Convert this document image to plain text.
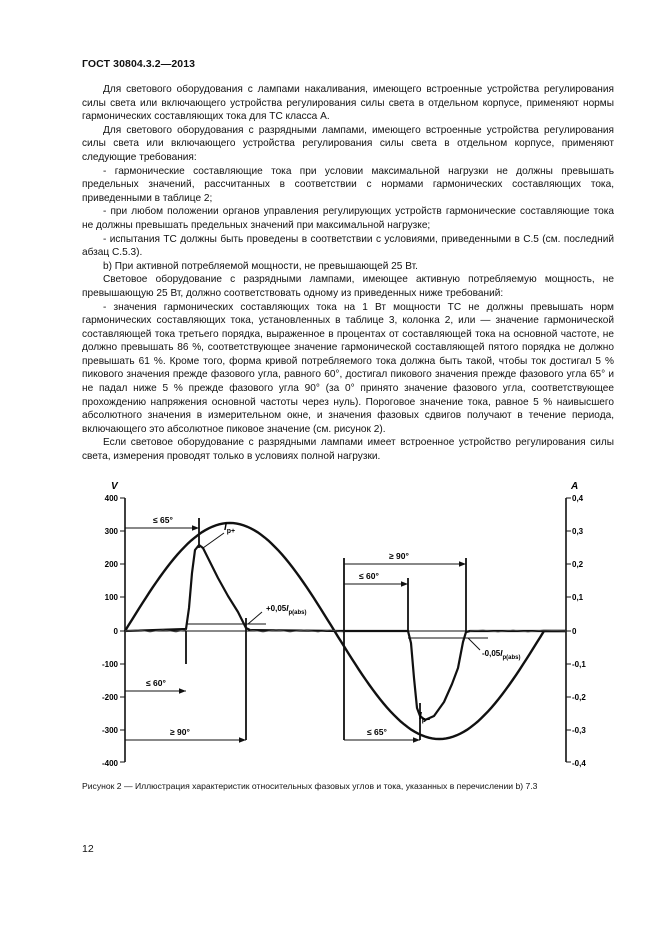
ГОСТ 30804.3.2—2013

Для светового оборудования с лампами накаливания, имеющего встроенные устройства регулирования силы света или включающего устройства регулирования силы света в отдельном корпусе, применяют нормы гармонических составляющих тока для ТС класса А.

Для светового оборудования с разрядными лампами, имеющего встроенные устройства регулирования силы света или включающего устройства регулирования силы света в отдельном корпусе, применяют следующие требования:

- гармонические составляющие тока при условии максимальной нагрузки не должны превышать предельных значений, рассчитанных в соответствии с нормами гармонических составляющих тока, приведенными в таблице 2;

- при любом положении органов управления регулирующих устройств гармонические составляющие тока не должны превышать предельных значений при максимальной нагрузке;

- испытания ТС должны быть проведены в соответствии с условиями, приведенными в С.5 (см. последний абзац С.5.3).

b) При активной потребляемой мощности, не превышающей 25 Вт.

Световое оборудование с разрядными лампами, имеющее активную потребляемую мощность, не превышающую 25 Вт, должно соответствовать одному из приведенных ниже требований:

- значения гармонических составляющих тока на 1 Вт мощности ТС не должны превышать норм гармонических составляющих тока, установленных в таблице 3, колонка 2, или — значение гармонической составляющей тока третьего порядка, выраженное в процентах от составляющей тока на основной частоте, не должно превышать 86 %, соответствующее значение гармонической составляющей пятого порядка не должно превышать 61 %. Кроме того, форма кривой потребляемого тока должна быть такой, чтобы ток достигал 5 % пикового значения прежде фазового угла, равного 60°, достигал пикового значения прежде фазового угла 65° и не падал ниже 5 % прежде фазового угла 90° (за 0° принято значение фазового угла, соответствующее прохождению напряжения основной частоты через нуль). Пороговое значение тока, равное 5 % наивысшего абсолютного значения в измерительном окне, и значения фазовых сдвигов получают в течение периода, включающего это абсолютное пиковое значение (см. рисунок 2).

Если световое оборудование с разрядными лампами имеет встроенное устройство регулирования силы света, измерения проводят только в условиях полной нагрузки.

V	A
400
300
200
100
0
-100
-200
-300
-400
0,4
0,3
0,2
0,1
0
-0,1
-0,2
-0,3
-0,4
≤ 65°
≤ 60°
≥ 90°
≥ 90°
≤ 60°
≤ 65°
$I_{p+}$
$I_{p-}$
$+0,05I_{p(abs)}$
$-0,05I_{p(abs)}$
Рисунок 2 — Иллюстрация характеристик относительных фазовых углов и тока, указанных в перечислении b) 7.3
12
